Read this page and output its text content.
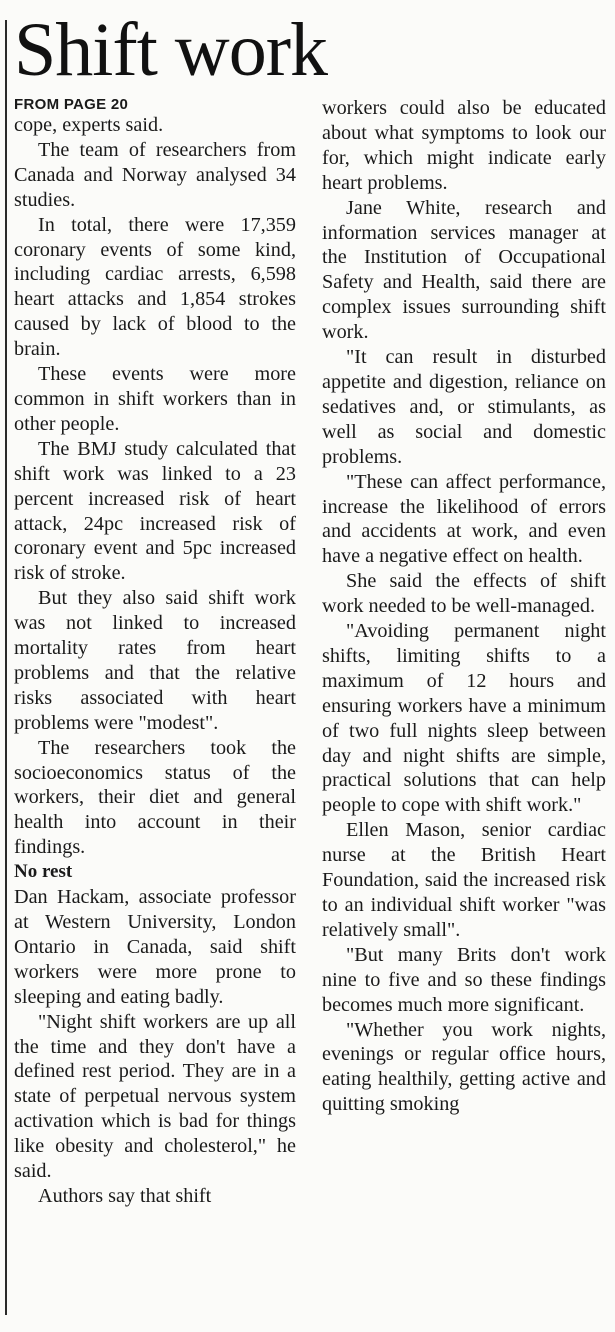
Shift work
FROM PAGE 20

cope, experts said.

The team of researchers from Canada and Norway analysed 34 studies.

In total, there were 17,359 coronary events of some kind, including cardiac arrests, 6,598 heart attacks and 1,854 strokes caused by lack of blood to the brain.

These events were more common in shift workers than in other people.

The BMJ study calculated that shift work was linked to a 23 percent increased risk of heart attack, 24pc increased risk of coronary event and 5pc increased risk of stroke.

But they also said shift work was not linked to increased mortality rates from heart problems and that the relative risks associated with heart problems were "modest".

The researchers took the socioeconomics status of the workers, their diet and general health into account in their findings.

No rest

Dan Hackam, associate professor at Western University, London Ontario in Canada, said shift workers were more prone to sleeping and eating badly.

"Night shift workers are up all the time and they don't have a defined rest period. They are in a state of perpetual nervous system activation which is bad for things like obesity and cholesterol," he said.

Authors say that shift

workers could also be educated about what symptoms to look our for, which might indicate early heart problems.

Jane White, research and information services manager at the Institution of Occupational Safety and Health, said there are complex issues surrounding shift work.

"It can result in disturbed appetite and digestion, reliance on sedatives and, or stimulants, as well as social and domestic problems.

"These can affect performance, increase the likelihood of errors and accidents at work, and even have a negative effect on health.

She said the effects of shift work needed to be well-managed.

"Avoiding permanent night shifts, limiting shifts to a maximum of 12 hours and ensuring workers have a minimum of two full nights sleep between day and night shifts are simple, practical solutions that can help people to cope with shift work."

Ellen Mason, senior cardiac nurse at the British Heart Foundation, said the increased risk to an individual shift worker "was relatively small".

"But many Brits don't work nine to five and so these findings becomes much more significant.

"Whether you work nights, evenings or regular office hours, eating healthily, getting active and quitting smoking
